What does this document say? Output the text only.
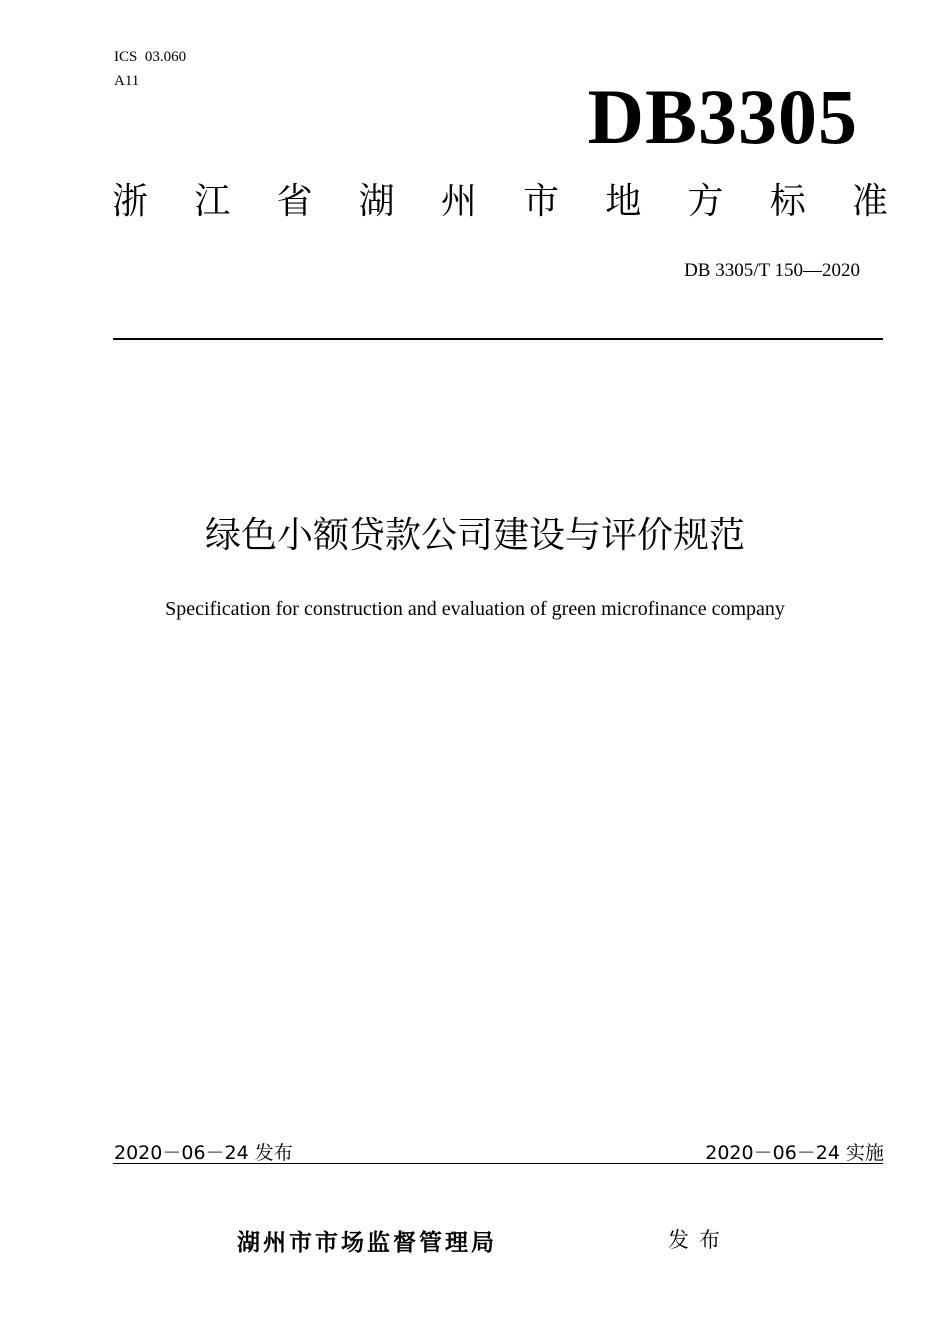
ICS  03.060
A11	DB3305
浙 江 省 湖 州 市 地 方 标 准
DB 3305/T 150—2020
绿色小额贷款公司建设与评价规范
Specification for construction and evaluation of green microfinance company
2020－06－24 发布	2020－06－24 实施
湖州市市场监督管理局	发布
